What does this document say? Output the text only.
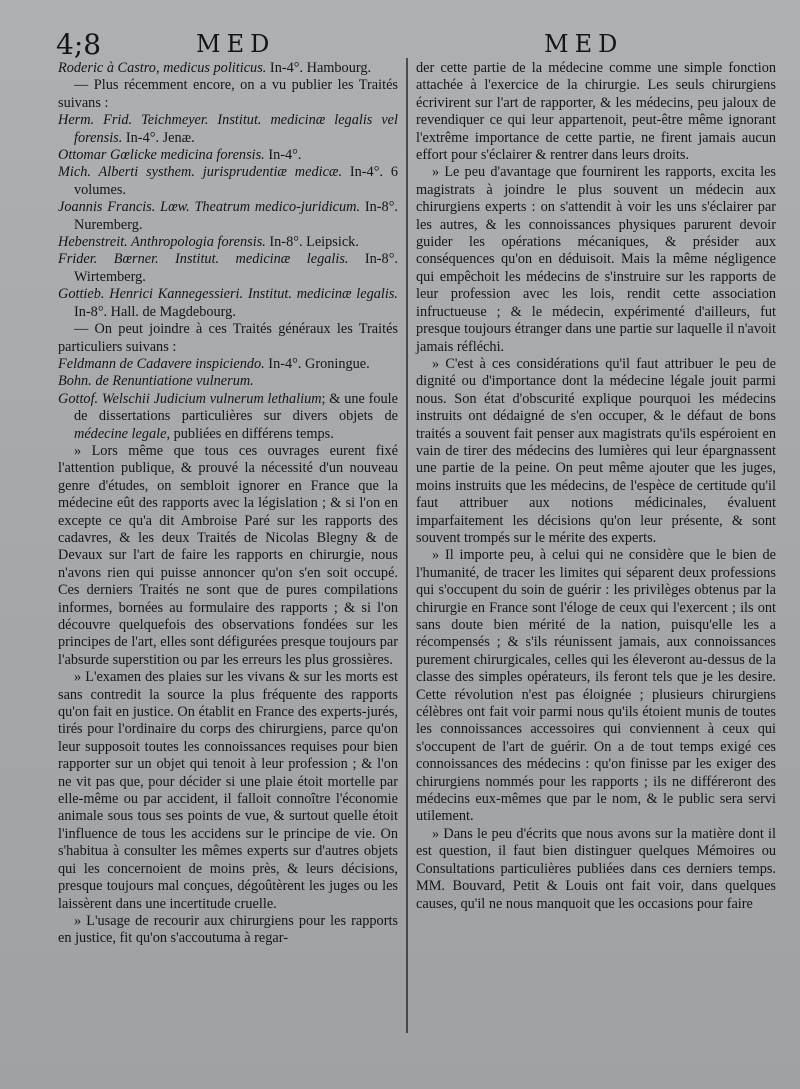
4;8	MED	MED

Roderic à Castro, medicus politicus. In-4°. Hambourg.

— Plus récemment encore, on a vu publier les Traités suivans :

Herm. Frid. Teichmeyer. Institut. medicinæ legalis vel forensis. In-4°. Jenæ.

Ottomar Gœlicke medicina forensis. In-4°.

Mich. Alberti systhem. jurisprudentiæ medicæ. In-4°. 6 volumes.

Joannis Francis. Lœw. Theatrum medico-juridicum. In-8°. Nuremberg.

Hebenstreit. Anthropologia forensis. In-8°. Leipsick.

Frider. Bœrner. Institut. medicinæ legalis. In-8°. Wirtemberg.

Gottieb. Henrici Kannegessieri. Institut. medicinæ legalis. In-8°. Hall. de Magdebourg.

— On peut joindre à ces Traités généraux les Traités particuliers suivans :

Feldmann de Cadavere inspiciendo. In-4°. Groningue.

Bohn. de Renuntiatione vulnerum.

Gottof. Welschii Judicium vulnerum lethalium; & une foule de dissertations particulières sur divers objets de médecine legale, publiées en différens temps.

» Lors même que tous ces ouvrages eurent fixé l'attention publique, & prouvé la nécessité d'un nouveau genre d'études, on sembloit ignorer en France que la médecine eût des rapports avec la législation ; & si l'on en excepte ce qu'a dit Ambroise Paré sur les rapports des cadavres, & les deux Traités de Nicolas Blegny & de Devaux sur l'art de faire les rapports en chirurgie, nous n'avons rien qui puisse annoncer qu'on s'en soit occupé. Ces derniers Traités ne sont que de pures compilations informes, bornées au formulaire des rapports ; & si l'on découvre quelquefois des observations fondées sur les principes de l'art, elles sont défigurées presque toujours par l'absurde superstition ou par les erreurs les plus grossières.

» L'examen des plaies sur les vivans & sur les morts est sans contredit la source la plus fréquente des rapports qu'on fait en justice. On établit en France des experts-jurés, tirés pour l'ordinaire du corps des chirurgiens, parce qu'on leur supposoit toutes les connoissances requises pour bien rapporter sur un objet qui tenoit à leur profession ; & l'on ne vit pas que, pour décider si une plaie étoit mortelle par elle-même ou par accident, il falloit connoître l'économie animale sous tous ses points de vue, & surtout quelle étoit l'influence de tous les accidens sur le principe de vie. On s'habitua à consulter les mêmes experts sur d'autres objets qui les concernoient de moins près, & leurs décisions, presque toujours mal conçues, dégoûtèrent les juges ou les laissèrent dans une incertitude cruelle.

» L'usage de recourir aux chirurgiens pour les rapports en justice, fit qu'on s'accoutuma à regar-

der cette partie de la médecine comme une simple fonction attachée à l'exercice de la chirurgie. Les seuls chirurgiens écrivirent sur l'art de rapporter, & les médecins, peu jaloux de revendiquer ce qui leur appartenoit, peut-être même ignorant l'extrême importance de cette partie, ne firent jamais aucun effort pour s'éclairer & rentrer dans leurs droits.

» Le peu d'avantage que fournirent les rapports, excita les magistrats à joindre le plus souvent un médecin aux chirurgiens experts : on s'attendit à voir les uns s'éclairer par les autres, & les connoissances physiques parurent devoir guider les opérations mécaniques, & présider aux conséquences qu'on en déduisoit. Mais la même négligence qui empêchoit les médecins de s'instruire sur les rapports de leur profession avec les lois, rendit cette association infructueuse ; & le médecin, expérimenté d'ailleurs, fut presque toujours étranger dans une partie sur laquelle il n'avoit jamais réfléchi.

» C'est à ces considérations qu'il faut attribuer le peu de dignité ou d'importance dont la médecine légale jouit parmi nous. Son état d'obscurité explique pourquoi les médecins instruits ont dédaigné de s'en occuper, & le défaut de bons traités a souvent fait penser aux magistrats qu'ils espéroient en vain de tirer des médecins des lumières qui leur épargnassent une partie de la peine. On peut même ajouter que les juges, moins instruits que les médecins, de l'espèce de certitude qu'il faut attribuer aux notions médicinales, évaluent imparfaitement les décisions qu'on leur présente, & sont souvent trompés sur le mérite des experts.

» Il importe peu, à celui qui ne considère que le bien de l'humanité, de tracer les limites qui séparent deux professions qui s'occupent du soin de guérir : les privilèges obtenus par la chirurgie en France sont l'éloge de ceux qui l'exercent ; ils ont sans doute bien mérité de la nation, puisqu'elle les a récompensés ; & s'ils réunissent jamais, aux connoissances purement chirurgicales, celles qui les éleveront au-dessus de la classe des simples opérateurs, ils feront tels que je les desire. Cette révolution n'est pas éloignée ; plusieurs chirurgiens célèbres ont fait voir parmi nous qu'ils étoient munis de toutes les connoissances accessoires qui conviennent à ceux qui s'occupent de l'art de guérir. On a de tout temps exigé ces connoissances des médecins : qu'on finisse par les exiger des chirurgiens nommés pour les rapports ; ils ne différeront des médecins eux-mêmes que par le nom, & le public sera servi utilement.

» Dans le peu d'écrits que nous avons sur la matière dont il est question, il faut bien distinguer quelques Mémoires ou Consultations particulières publiées dans ces derniers temps. MM. Bouvard, Petit & Louis ont fait voir, dans quelques causes, qu'il ne nous manquoit que les occasions pour faire
